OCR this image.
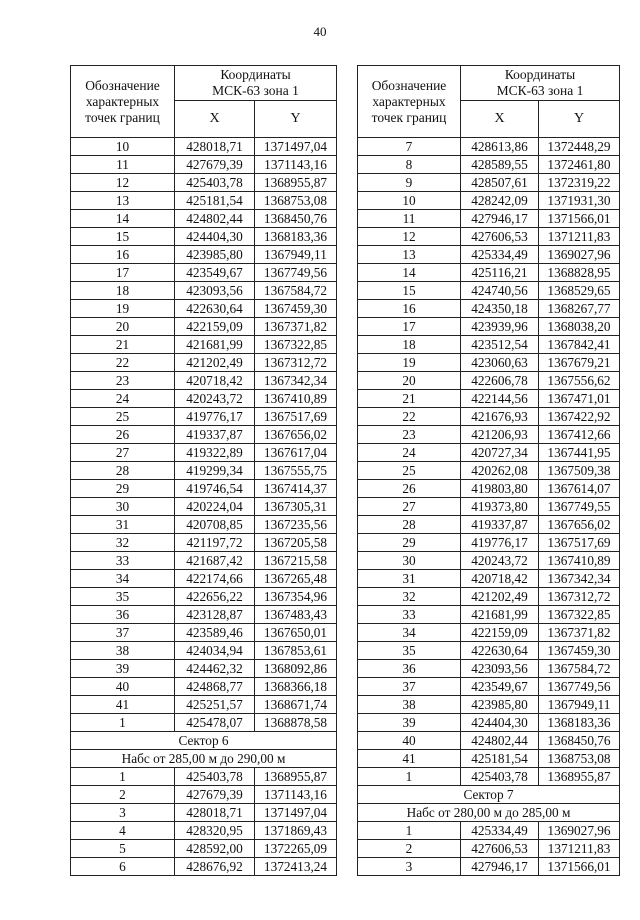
40
Обозначение
характерных
точек границ	Координаты
МСК-63 зона 1	
	X	Y
10	428018,71	1371497,04
11	427679,39	1371143,16
12	425403,78	1368955,87
13	425181,54	1368753,08
14	424802,44	1368450,76
15	424404,30	1368183,36
16	423985,80	1367949,11
17	423549,67	1367749,56
18	423093,56	1367584,72
19	422630,64	1367459,30
20	422159,09	1367371,82
21	421681,99	1367322,85
22	421202,49	1367312,72
23	420718,42	1367342,34
24	420243,72	1367410,89
25	419776,17	1367517,69
26	419337,87	1367656,02
27	419322,89	1367617,04
28	419299,34	1367555,75
29	419746,54	1367414,37
30	420224,04	1367305,31
31	420708,85	1367235,56
32	421197,72	1367205,58
33	421687,42	1367215,58
34	422174,66	1367265,48
35	422656,22	1367354,96
36	423128,87	1367483,43
37	423589,46	1367650,01
38	424034,94	1367853,61
39	424462,32	1368092,86
40	424868,77	1368366,18
41	425251,57	1368671,74
1	425478,07	1368878,58
Сектор 6		
Набс от 285,00 м до 290,00 м		
1	425403,78	1368955,87
2	427679,39	1371143,16
3	428018,71	1371497,04
4	428320,95	1371869,43
5	428592,00	1372265,09
6	428676,92	1372413,24
Обозначение
характерных
точек границ	Координаты
МСК-63 зона 1	
	X	Y
7	428613,86	1372448,29
8	428589,55	1372461,80
9	428507,61	1372319,22
10	428242,09	1371931,30
11	427946,17	1371566,01
12	427606,53	1371211,83
13	425334,49	1369027,96
14	425116,21	1368828,95
15	424740,56	1368529,65
16	424350,18	1368267,77
17	423939,96	1368038,20
18	423512,54	1367842,41
19	423060,63	1367679,21
20	422606,78	1367556,62
21	422144,56	1367471,01
22	421676,93	1367422,92
23	421206,93	1367412,66
24	420727,34	1367441,95
25	420262,08	1367509,38
26	419803,80	1367614,07
27	419373,80	1367749,55
28	419337,87	1367656,02
29	419776,17	1367517,69
30	420243,72	1367410,89
31	420718,42	1367342,34
32	421202,49	1367312,72
33	421681,99	1367322,85
34	422159,09	1367371,82
35	422630,64	1367459,30
36	423093,56	1367584,72
37	423549,67	1367749,56
38	423985,80	1367949,11
39	424404,30	1368183,36
40	424802,44	1368450,76
41	425181,54	1368753,08
1	425403,78	1368955,87
Сектор 7		
Набс от 280,00 м до 285,00 м		
1	425334,49	1369027,96
2	427606,53	1371211,83
3	427946,17	1371566,01
